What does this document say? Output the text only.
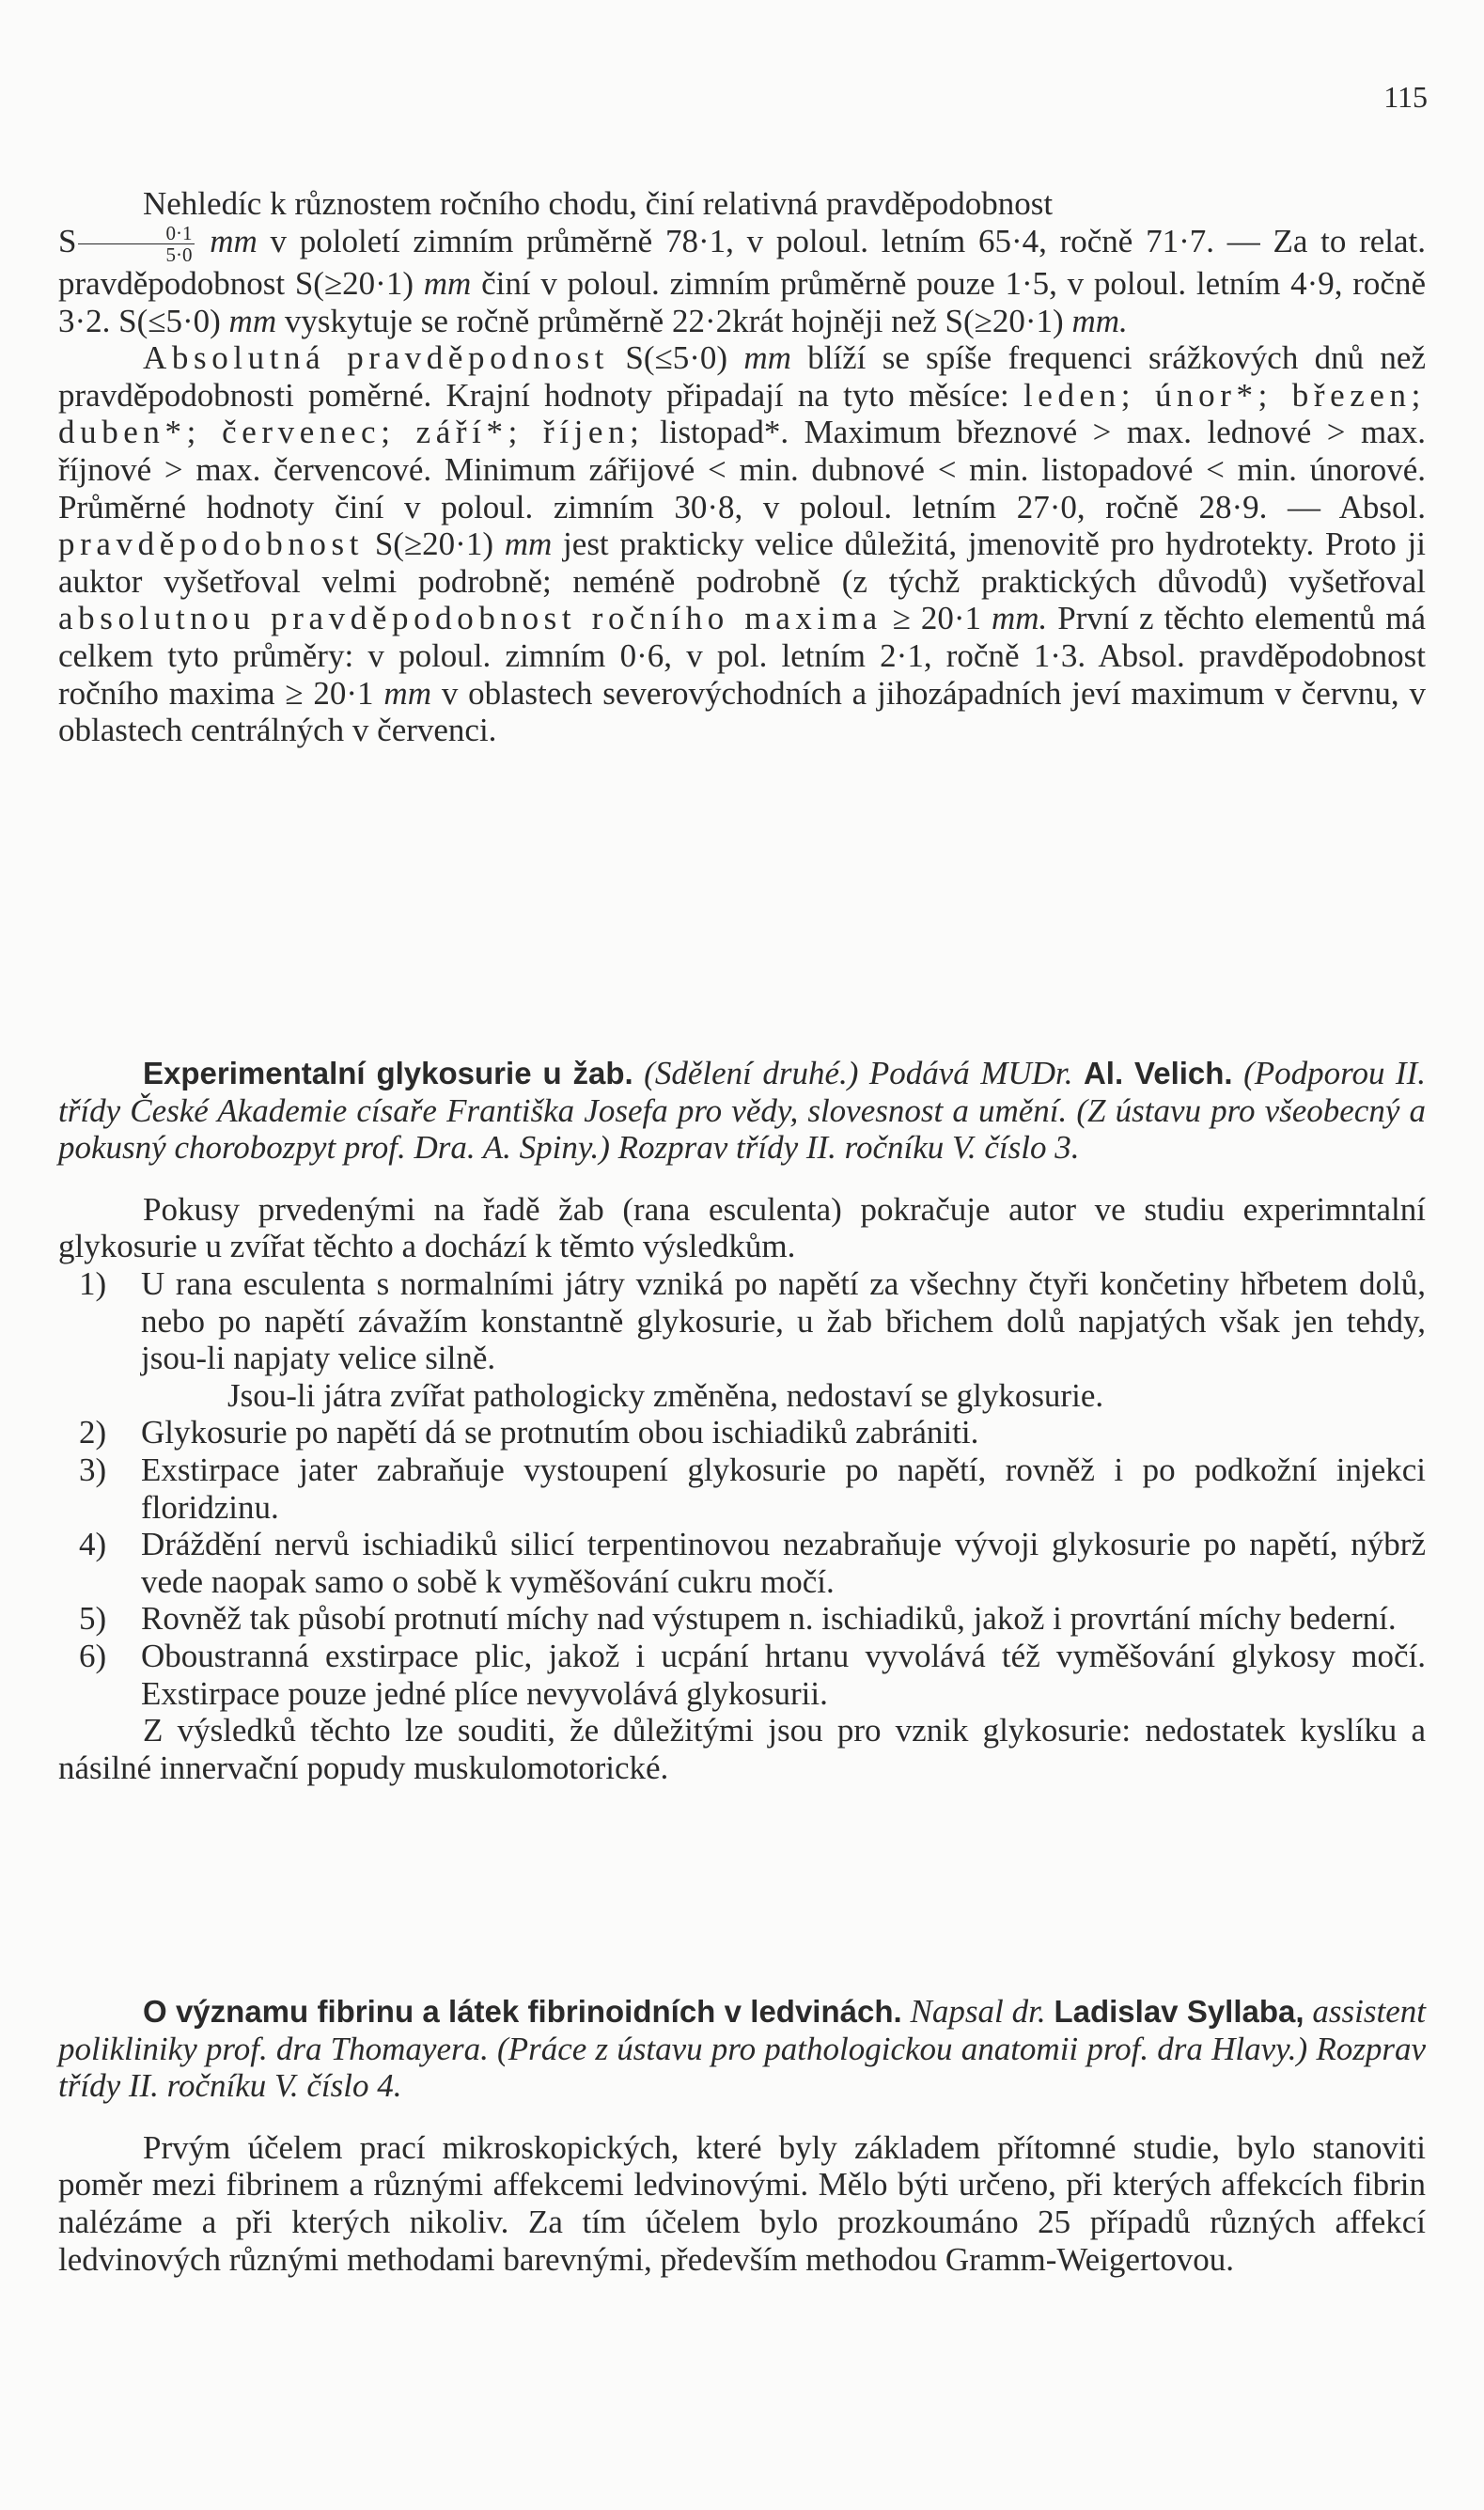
115

Nehledíc k různostem ročního chodu, činí relativná pravděpodobnost
S $\frac{0\cdot 1}{5\cdot 0}$ mm v pololetí zimním průměrně 78·1, v poloul. letním 65·4, ročně 71·7. — Za to relat. pravděpodobnost S(≥20·1) mm činí v poloul. zimním průměrně pouze 1·5, v poloul. letním 4·9, ročně 3·2. S(≤5·0) mm vyskytuje se ročně průměrně 22·2krát hojněji než S(≥20·1) mm.

Absolutná pravděpodnost S(≤5·0) mm blíží se spíše frequenci srážkových dnů než pravděpodobnosti poměrné. Krajní hodnoty připadají na tyto měsíce: leden; únor*; březen; duben*; červenec; září*; říjen; listopad*. Maximum březnové > max. lednové > max. říjnové > max. červencové. Minimum zářijové < min. dubnové < min. listopadové < min. únorové. Průměrné hodnoty činí v poloul. zimním 30·8, v poloul. letním 27·0, ročně 28·9. — Absol. pravděpodobnost S(≥20·1) mm jest prakticky velice důležitá, jmenovitě pro hydrotekty. Proto ji auktor vyšetřoval velmi podrobně; neméně podrobně (z týchž praktických důvodů) vyšetřoval absolutnou pravděpodobnost ročního maxima ≥ 20·1 mm. První z těchto elementů má celkem tyto průměry: v poloul. zimním 0·6, v pol. letním 2·1, ročně 1·3. Absol. pravděpodobnost ročního maxima ≥ 20·1 mm v oblastech severovýchodních a jihozápadních jeví maximum v červnu, v oblastech centrálných v červenci.

Experimentalní glykosurie u žab. (Sdělení druhé.) Podává MUDr. Al. Velich. (Podporou II. třídy České Akademie císaře Františka Josefa pro vědy, slovesnost a umění. (Z ústavu pro všeobecný a pokusný chorobozpyt prof. Dra. A. Spiny.) Rozprav třídy II. ročníku V. číslo 3.

Pokusy prvedenými na řadě žab (rana esculenta) pokračuje autor ve studiu experimntalní glykosurie u zvířat těchto a dochází k těmto výsledkům.

1) U rana esculenta s normalními játry vzniká po napětí za všechny čtyři končetiny hřbetem dolů, nebo po napětí závažím konstantně glykosurie, u žab břichem dolů napjatých však jen tehdy, jsou-li napjaty velice silně.
Jsou-li játra zvířat pathologicky změněna, nedostaví se glykosurie.
2) Glykosurie po napětí dá se protnutím obou ischiadiků zabrániti.
3) Exstirpace jater zabraňuje vystoupení glykosurie po napětí, rovněž i po podkožní injekci floridzinu.
4) Dráždění nervů ischiadiků silicí terpentinovou nezabraňuje vývoji glykosurie po napětí, nýbrž vede naopak samo o sobě k vyměšování cukru močí.
5) Rovněž tak působí protnutí míchy nad výstupem n. ischiadiků, jakož i provrtání míchy bederní.
6) Oboustranná exstirpace plic, jakož i ucpání hrtanu vyvolává též vyměšování glykosy močí. Exstirpace pouze jedné plíce nevyvolává glykosurii.

Z výsledků těchto lze souditi, že důležitými jsou pro vznik glykosurie: nedostatek kyslíku a násilné innervační popudy muskulomotorické.

O významu fibrinu a látek fibrinoidních v ledvinách. Napsal dr. Ladislav Syllaba, assistent polikliniky prof. dra Thomayera. (Práce z ústavu pro pathologickou anatomii prof. dra Hlavy.) Rozprav třídy II. ročníku V. číslo 4.

Prvým účelem prací mikroskopických, které byly základem přítomné studie, bylo stanoviti poměr mezi fibrinem a různými affekcemi ledvinovými. Mělo býti určeno, při kterých affekcích fibrin nalézáme a při kterých nikoliv. Za tím účelem bylo prozkoumáno 25 případů různých affekcí ledvinových různými methodami barevnými, především methodou Gramm-Weigertovou.
